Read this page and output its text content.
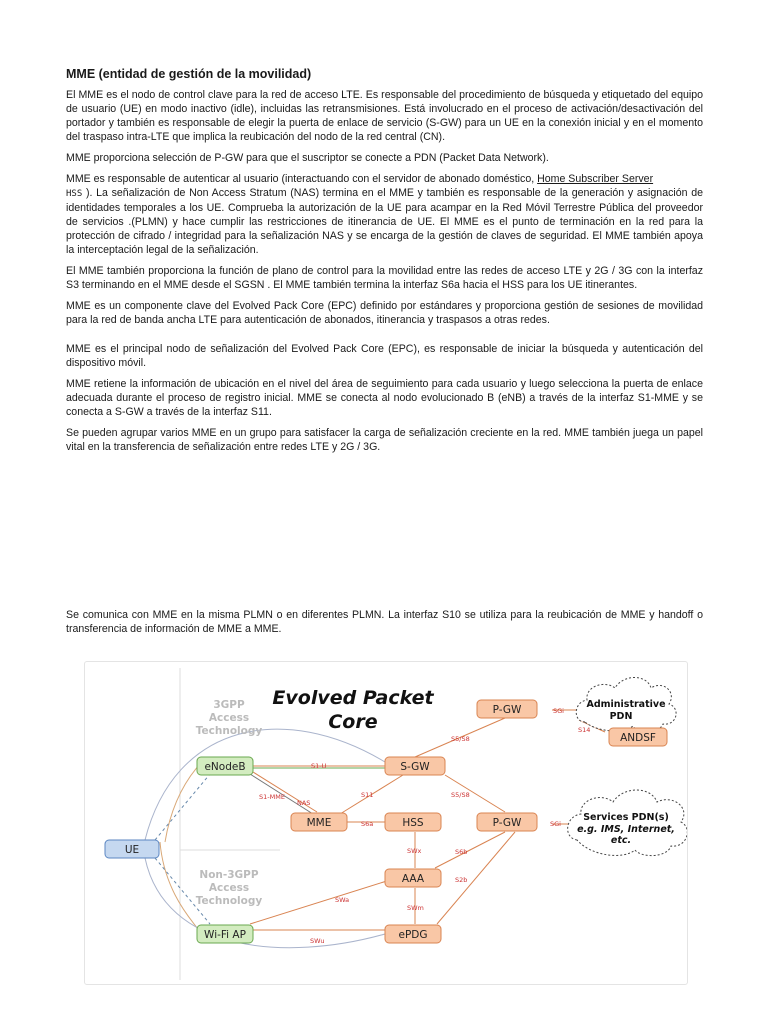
MME (entidad de gestión de la movilidad)

El MME es el nodo de control clave para la red de acceso LTE. Es responsable del procedimiento de búsqueda y etiquetado del equipo de usuario (UE) en modo inactivo (idle), incluidas las retransmisiones. Está involucrado en el proceso de activación/desactivación del portador y también es responsable de elegir la puerta de enlace de servicio (S-GW) para un UE en la conexión inicial y en el momento del traspaso intra-LTE que implica la reubicación del nodo de la red central (CN).

MME proporciona selección de P-GW para que el suscriptor se conecte a PDN (Packet Data Network).

MME es responsable de autenticar al usuario (interactuando con el servidor de abonado doméstico, Home Subscriber Server
HSS ). La señalización de Non Access Stratum (NAS) termina en el MME y también es responsable de la generación y asignación de identidades temporales a los UE. Comprueba la autorización de la UE para acampar en la Red Móvil Terrestre Pública del proveedor de servicios .(PLMN) y hace cumplir las restricciones de itinerancia de UE. El MME es el punto de terminación en la red para la protección de cifrado / integridad para la señalización NAS y se encarga de la gestión de claves de seguridad. El MME también apoya la interceptación legal de la señalización.

El MME también proporciona la función de plano de control para la movilidad entre las redes de acceso LTE y 2G / 3G con la interfaz S3 terminando en el MME desde el SGSN . El MME también termina la interfaz S6a hacia el HSS para los UE itinerantes.

MME es un componente clave del Evolved Pack Core (EPC) definido por estándares y proporciona gestión de sesiones de movilidad para la red de banda ancha LTE para autenticación de abonados, itinerancia y traspasos a otras redes.

MME es el principal nodo de señalización del Evolved Pack Core (EPC), es responsable de iniciar la búsqueda y autenticación del dispositivo móvil.

MME retiene la información de ubicación en el nivel del área de seguimiento para cada usuario y luego selecciona la puerta de enlace adecuada durante el proceso de registro inicial. MME se conecta al nodo evolucionado B (eNB) a través de la interfaz S1-MME y se conecta a S-GW a través de la interfaz S11.

Se pueden agrupar varios MME en un grupo para satisfacer la carga de señalización creciente en la red. MME también juega un papel vital en la transferencia de señalización entre redes LTE y 2G / 3G.

Se comunica con MME en la misma PLMN o en diferentes PLMN. La interfaz S10 se utiliza para la reubicación de MME y handoff o transferencia de información de MME a MME.

3GPP
Access
Technology
Non-3GPP
Access
Technology
Evolved Packet
Core
Administrative
PDN
Services PDN(s)
e.g. IMS, Internet,
etc.
eNodeB
Wi-Fi AP
UE
S-GW
P-GW
P-GW
MME	HSS
AAA
ePDG
ANDSF
S1-U
S1-MME
NAS
S11
S5/S8
S5/S8
SGi
SGi
S14
S6a
SWx	S6b
S2b
SWm
SWa
SWu
